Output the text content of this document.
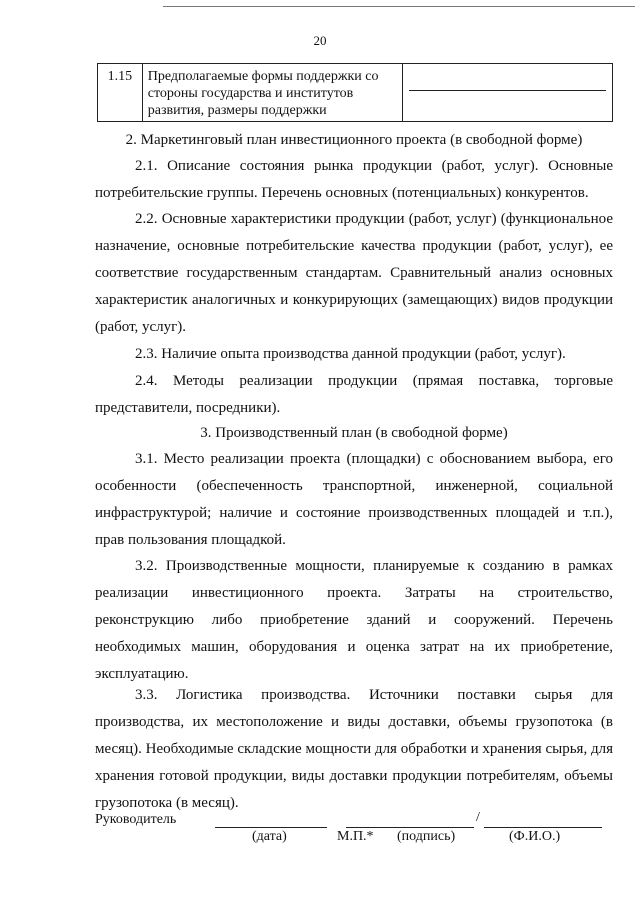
20
1.15	Предполагаемые формы поддержки со стороны государства и институтов развития, размеры поддержки	
2. Маркетинговый план инвестиционного проекта (в свободной форме)
2.1. Описание состояния рынка продукции (работ, услуг). Основные потребительские группы. Перечень основных (потенциальных) конкурентов.
2.2. Основные характеристики продукции (работ, услуг) (функциональное назначение, основные потребительские качества продукции (работ, услуг), ее соответствие государственным стандартам. Сравнительный анализ основных характеристик аналогичных и конкурирующих (замещающих) видов продукции (работ, услуг).
2.3. Наличие опыта производства данной продукции (работ, услуг).
2.4. Методы реализации продукции (прямая поставка, торговые представители, посредники).
3. Производственный план (в свободной форме)
3.1. Место реализации проекта (площадки) с обоснованием выбора, его особенности (обеспеченность транспортной, инженерной, социальной инфраструктурой; наличие и состояние производственных площадей и т.п.), прав пользования площадкой.
3.2. Производственные мощности, планируемые к созданию в рамках реализации инвестиционного проекта. Затраты на строительство, реконструкцию либо приобретение зданий и сооружений. Перечень необходимых машин, оборудования и оценка затрат на их приобретение, эксплуатацию.
3.3. Логистика производства. Источники поставки сырья для производства, их местоположение и виды доставки, объемы грузопотока (в месяц). Необходимые складские мощности для обработки и хранения сырья, для хранения готовой продукции, виды доставки продукции потребителям, объемы грузопотока (в месяц).
Руководитель	/
(дата)	М.П.* (подпись)	(Ф.И.О.)
